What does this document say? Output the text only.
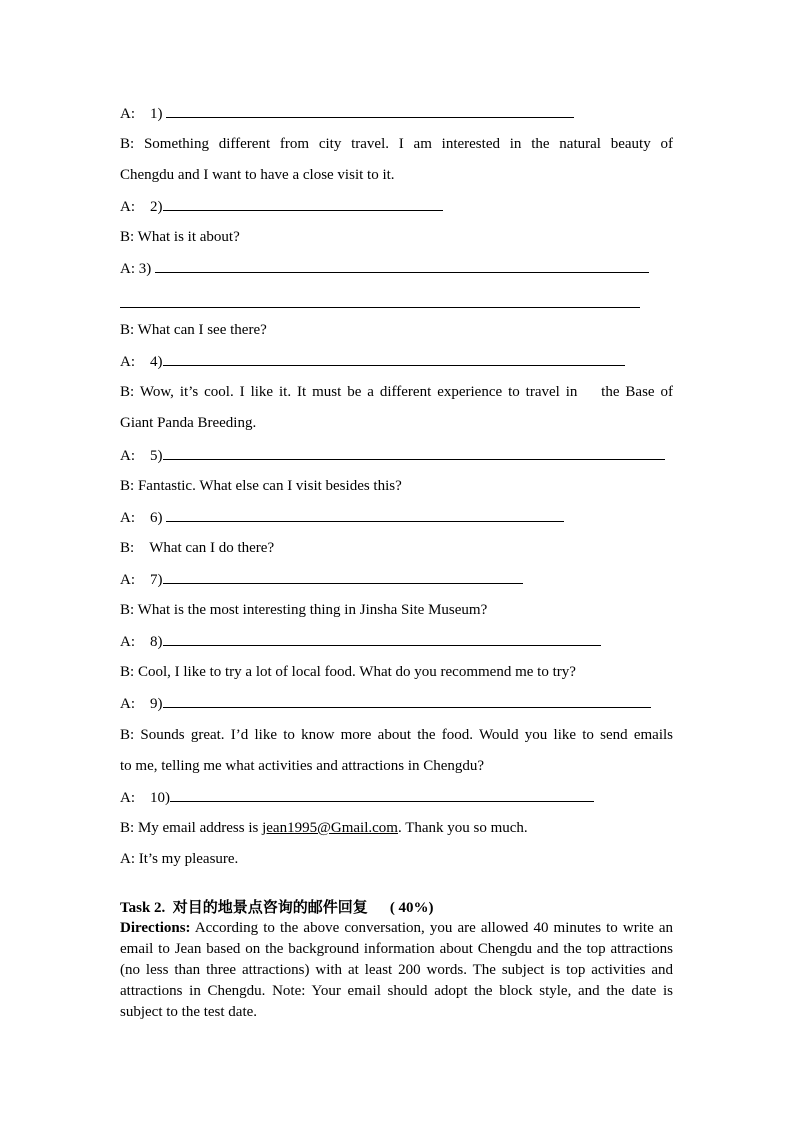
A: 1)
B: Something different from city travel. I am interested in the natural beauty of
Chengdu and I want to have a close visit to it.
A: 2)
B: What is it about?
A: 3)
B: What can I see there?
A: 4)
B: Wow, it’s cool. I like it. It must be a different experience to travel in    the Base of
Giant Panda Breeding.
A: 5)
B: Fantastic. What else can I visit besides this?
A: 6)
B: What can I do there?
A: 7)
B: What is the most interesting thing in Jinsha Site Museum?
A: 8)
B: Cool, I like to try a lot of local food. What do you recommend me to try?
A: 9)
B: Sounds great. I’d like to know more about the food. Would you like to send emails
to me, telling me what activities and attractions in Chengdu?
A: 10)
B: My email address is jean1995@Gmail.com. Thank you so much.
A: It’s my pleasure.
Task 2.  对目的地景点咨询的邮件回复 ( 40%)
Directions: According to the above conversation, you are allowed 40 minutes to write an email to Jean based on the background information about Chengdu and the top attractions (no less than three attractions) with at least 200 words. The subject is top activities and attractions in Chengdu. Note: Your email should adopt the block style, and the date is subject to the test date.
